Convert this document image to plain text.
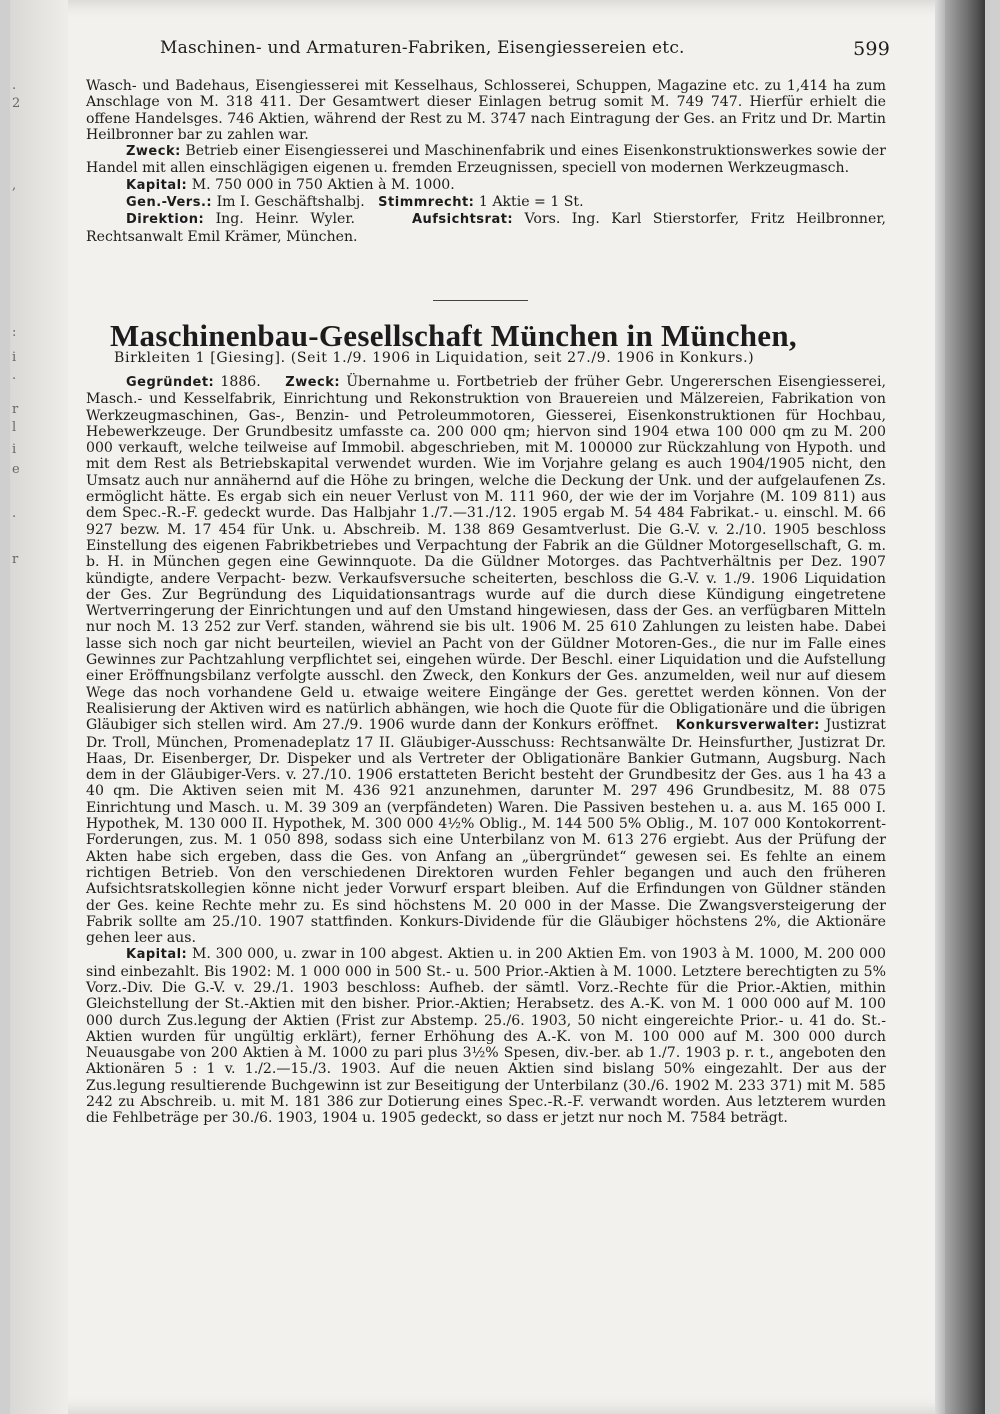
.
2
,
:
i
.
r
l
i
e
.
r
Maschinen- und Armaturen-Fabriken, Eisengiessereien etc.	599

Wasch- und Badehaus, Eisengiesserei mit Kesselhaus, Schlosserei, Schuppen, Magazine etc. zu 1,414 ha zum Anschlage von M. 318 411. Der Gesamtwert dieser Einlagen betrug somit M. 749 747. Hierfür erhielt die offene Handelsges. 746 Aktien, während der Rest zu M. 3747 nach Eintragung der Ges. an Fritz und Dr. Martin Heilbronner bar zu zahlen war.

Zweck: Betrieb einer Eisengiesserei und Maschinenfabrik und eines Eisenkonstruktionswerkes sowie der Handel mit allen einschlägigen eigenen u. fremden Erzeugnissen, speciell von modernen Werkzeugmasch.

Kapital: M. 750 000 in 750 Aktien à M. 1000.

Gen.-Vers.: Im I. Geschäftshalbj. Stimmrecht: 1 Aktie = 1 St.

Direktion: Ing. Heinr. Wyler.	Aufsichtsrat: Vors. Ing. Karl Stierstorfer, Fritz Heilbronner, Rechtsanwalt Emil Krämer, München.

Maschinenbau-Gesellschaft München in München,
Birkleiten 1 [Giesing]. (Seit 1./9. 1906 in Liquidation, seit 27./9. 1906 in Konkurs.)

Gegründet: 1886. Zweck: Übernahme u. Fortbetrieb der früher Gebr. Ungererschen Eisengiesserei, Masch.- und Kesselfabrik, Einrichtung und Rekonstruktion von Brauereien und Mälzereien, Fabrikation von Werkzeugmaschinen, Gas-, Benzin- und Petroleummotoren, Giesserei, Eisenkonstruktionen für Hochbau, Hebewerkzeuge. Der Grundbesitz umfasste ca. 200 000 qm; hiervon sind 1904 etwa 100 000 qm zu M. 200 000 verkauft, welche teilweise auf Immobil. abgeschrieben, mit M. 100000 zur Rückzahlung von Hypoth. und mit dem Rest als Betriebskapital verwendet wurden. Wie im Vorjahre gelang es auch 1904/1905 nicht, den Umsatz auch nur annähernd auf die Höhe zu bringen, welche die Deckung der Unk. und der aufgelaufenen Zs. ermöglicht hätte. Es ergab sich ein neuer Verlust von M. 111 960, der wie der im Vorjahre (M. 109 811) aus dem Spec.-R.-F. gedeckt wurde. Das Halbjahr 1./7.—31./12. 1905 ergab M. 54 484 Fabrikat.- u. einschl. M. 66 927 bezw. M. 17 454 für Unk. u. Abschreib. M. 138 869 Gesamtverlust. Die G.-V. v. 2./10. 1905 beschloss Einstellung des eigenen Fabrikbetriebes und Verpachtung der Fabrik an die Güldner Motorgesellschaft, G. m. b. H. in München gegen eine Gewinnquote. Da die Güldner Motorges. das Pachtverhältnis per Dez. 1907 kündigte, andere Verpacht- bezw. Verkaufsversuche scheiterten, beschloss die G.-V. v. 1./9. 1906 Liquidation der Ges. Zur Begründung des Liquidationsantrags wurde auf die durch diese Kündigung eingetretene Wertverringerung der Einrichtungen und auf den Umstand hingewiesen, dass der Ges. an verfügbaren Mitteln nur noch M. 13 252 zur Verf. standen, während sie bis ult. 1906 M. 25 610 Zahlungen zu leisten habe. Dabei lasse sich noch gar nicht beurteilen, wieviel an Pacht von der Güldner Motoren-Ges., die nur im Falle eines Gewinnes zur Pachtzahlung verpflichtet sei, eingehen würde. Der Beschl. einer Liquidation und die Aufstellung einer Eröffnungsbilanz verfolgte ausschl. den Zweck, den Konkurs der Ges. anzumelden, weil nur auf diesem Wege das noch vorhandene Geld u. etwaige weitere Eingänge der Ges. gerettet werden können. Von der Realisierung der Aktiven wird es natürlich abhängen, wie hoch die Quote für die Obligationäre und die übrigen Gläubiger sich stellen wird. Am 27./9. 1906 wurde dann der Konkurs eröffnet. Konkursverwalter: Justizrat Dr. Troll, München, Promenadeplatz 17 II. Gläubiger-Ausschuss: Rechtsanwälte Dr. Heinsfurther, Justizrat Dr. Haas, Dr. Eisenberger, Dr. Dispeker und als Vertreter der Obligationäre Bankier Gutmann, Augsburg. Nach dem in der Gläubiger-Vers. v. 27./10. 1906 erstatteten Bericht besteht der Grundbesitz der Ges. aus 1 ha 43 a 40 qm. Die Aktiven seien mit M. 436 921 anzunehmen, darunter M. 297 496 Grundbesitz, M. 88 075 Einrichtung und Masch. u. M. 39 309 an (verpfändeten) Waren. Die Passiven bestehen u. a. aus M. 165 000 I. Hypothek, M. 130 000 II. Hypothek, M. 300 000 4½% Oblig., M. 144 500 5% Oblig., M. 107 000 Kontokorrent-Forderungen, zus. M. 1 050 898, sodass sich eine Unterbilanz von M. 613 276 ergiebt. Aus der Prüfung der Akten habe sich ergeben, dass die Ges. von Anfang an „übergründet“ gewesen sei. Es fehlte an einem richtigen Betrieb. Von den verschiedenen Direktoren wurden Fehler begangen und auch den früheren Aufsichtsratskollegien könne nicht jeder Vorwurf erspart bleiben. Auf die Erfindungen von Güldner ständen der Ges. keine Rechte mehr zu. Es sind höchstens M. 20 000 in der Masse. Die Zwangsversteigerung der Fabrik sollte am 25./10. 1907 stattfinden. Konkurs-Dividende für die Gläubiger höchstens 2%, die Aktionäre gehen leer aus.

Kapital: M. 300 000, u. zwar in 100 abgest. Aktien u. in 200 Aktien Em. von 1903 à M. 1000, M. 200 000 sind einbezahlt. Bis 1902: M. 1 000 000 in 500 St.- u. 500 Prior.-Aktien à M. 1000. Letztere berechtigten zu 5% Vorz.-Div. Die G.-V. v. 29./1. 1903 beschloss: Aufheb. der sämtl. Vorz.-Rechte für die Prior.-Aktien, mithin Gleichstellung der St.-Aktien mit den bisher. Prior.-Aktien; Herabsetz. des A.-K. von M. 1 000 000 auf M. 100 000 durch Zus.legung der Aktien (Frist zur Abstemp. 25./6. 1903, 50 nicht eingereichte Prior.- u. 41 do. St.-Aktien wurden für ungültig erklärt), ferner Erhöhung des A.-K. von M. 100 000 auf M. 300 000 durch Neuausgabe von 200 Aktien à M. 1000 zu pari plus 3½% Spesen, div.-ber. ab 1./7. 1903 p. r. t., angeboten den Aktionären 5 : 1 v. 1./2.—15./3. 1903. Auf die neuen Aktien sind bislang 50% eingezahlt. Der aus der Zus.legung resultierende Buchgewinn ist zur Beseitigung der Unterbilanz (30./6. 1902 M. 233 371) mit M. 585 242 zu Abschreib. u. mit M. 181 386 zur Dotierung eines Spec.-R.-F. verwandt worden. Aus letzterem wurden die Fehlbeträge per 30./6. 1903, 1904 u. 1905 gedeckt, so dass er jetzt nur noch M. 7584 beträgt.
